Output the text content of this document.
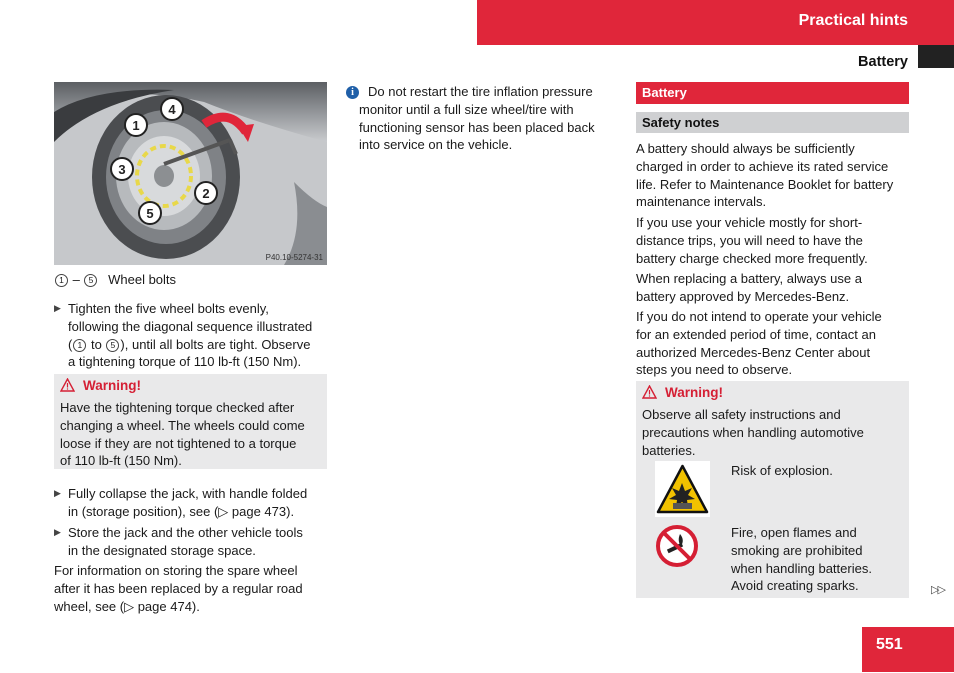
Practical hints
Battery
1
2
3
4
5
P40.10-5274-31
1 – 5 Wheel bolts
▶ Tighten the five wheel bolts evenly,
following the diagonal sequence illustrated
( 1 to 5 ), until all bolts are tight. Observe
a tightening torque of 110 lb-ft (150 Nm).
Warning!
Have the tightening torque checked after
changing a wheel. The wheels could come
loose if they are not tightened to a torque
of 110 lb-ft (150 Nm).
▶ Fully collapse the jack, with handle folded
in (storage position), see (▷ page 473).
▶ Store the jack and the other vehicle tools
in the designated storage space.
For information on storing the spare wheel
after it has been replaced by a regular road
wheel, see (▷ page 474).
i	Do not restart the tire inflation pressure
monitor until a full size wheel/tire with
functioning sensor has been placed back
into service on the vehicle.
Battery
Safety notes
A battery should always be sufficiently
charged in order to achieve its rated service
life. Refer to Maintenance Booklet for battery
maintenance intervals.
If you use your vehicle mostly for short-
distance trips, you will need to have the
battery charge checked more frequently.
When replacing a battery, always use a
battery approved by Mercedes-Benz.
If you do not intend to operate your vehicle
for an extended period of time, contact an
authorized Mercedes-Benz Center about
steps you need to observe.
Warning!
Observe all safety instructions and
precautions when handling automotive
batteries.
Risk of explosion.
Fire, open flames and
smoking are prohibited
when handling batteries.
Avoid creating sparks.	▷▷
551
